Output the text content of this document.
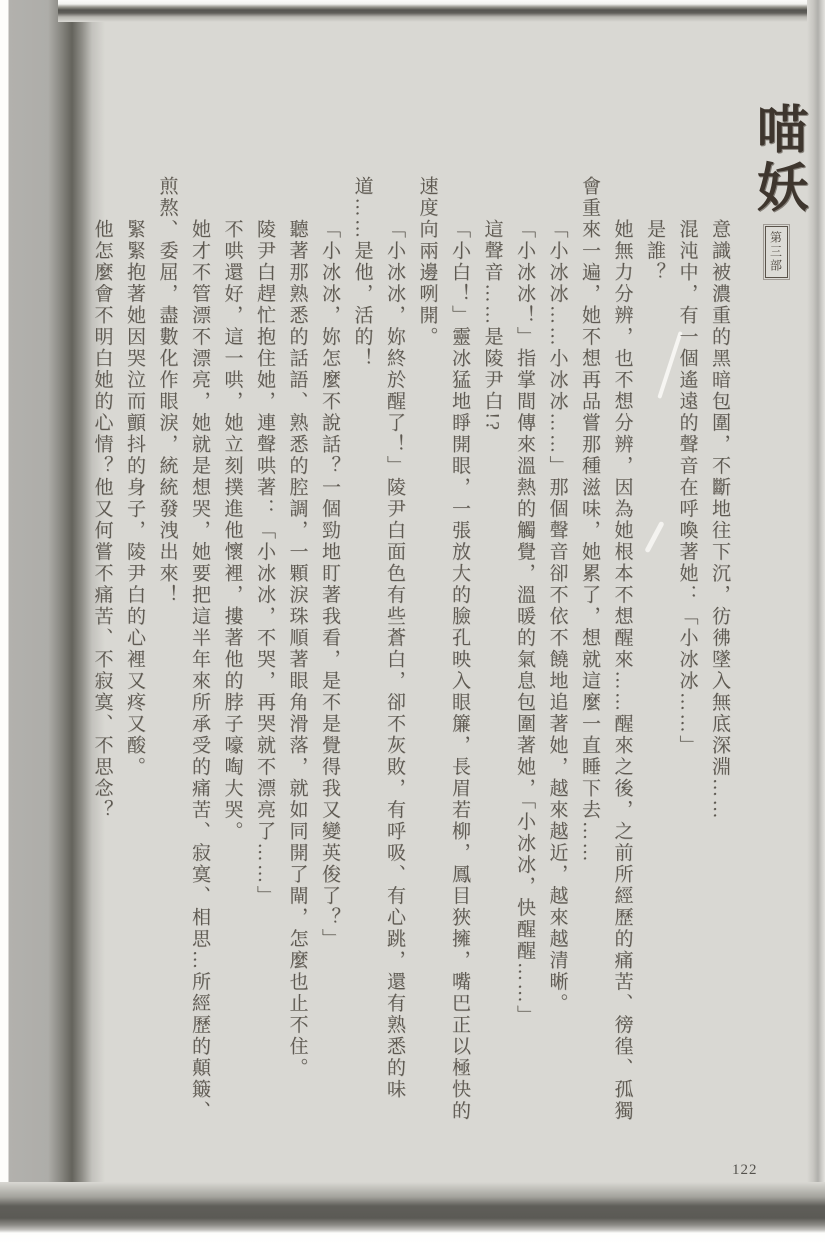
喵妖
第三部

意識被濃重的黑暗包圍，不斷地往下沉，彷彿墜入無底深淵……

混沌中，有一個遙遠的聲音在呼喚著她：「小冰冰……」

是誰？

她無力分辨，也不想分辨，因為她根本不想醒來……醒來之後，之前所經歷的痛苦、徬徨、孤獨會重來一遍，她不想再品嘗那種滋味，她累了，想就這麼一直睡下去……

「小冰冰……小冰冰……」那個聲音卻不依不饒地追著她，越來越近，越來越清晰。

「小冰冰！」指掌間傳來溫熱的觸覺，溫暖的氣息包圍著她，「小冰冰，快醒醒……」

這聲音……是陵尹白!?

「小白！」靈冰猛地睜開眼，一張放大的臉孔映入眼簾，長眉若柳，鳳目狹擁，嘴巴正以極快的速度向兩邊咧開。

「小冰冰，妳終於醒了！」陵尹白面色有些蒼白，卻不灰敗，有呼吸、有心跳，還有熟悉的味道……是他，活的！

「小冰冰，妳怎麼不說話？一個勁地盯著我看，是不是覺得我又變英俊了？」

聽著那熟悉的話語、熟悉的腔調，一顆淚珠順著眼角滑落，就如同開了閘，怎麼也止不住。

陵尹白趕忙抱住她，連聲哄著：「小冰冰，不哭，再哭就不漂亮了……」

不哄還好，這一哄，她立刻撲進他懷裡，摟著他的脖子嚎啕大哭。

她才不管漂不漂亮，她就是想哭，她要把這半年來所承受的痛苦、寂寞、相思…所經歷的顛簸、煎熬、委屈，盡數化作眼淚，統統發洩出來！

緊緊抱著她因哭泣而顫抖的身子，陵尹白的心裡又疼又酸。

他怎麼會不明白她的心情？他又何嘗不痛苦、不寂寞、不思念？

122
